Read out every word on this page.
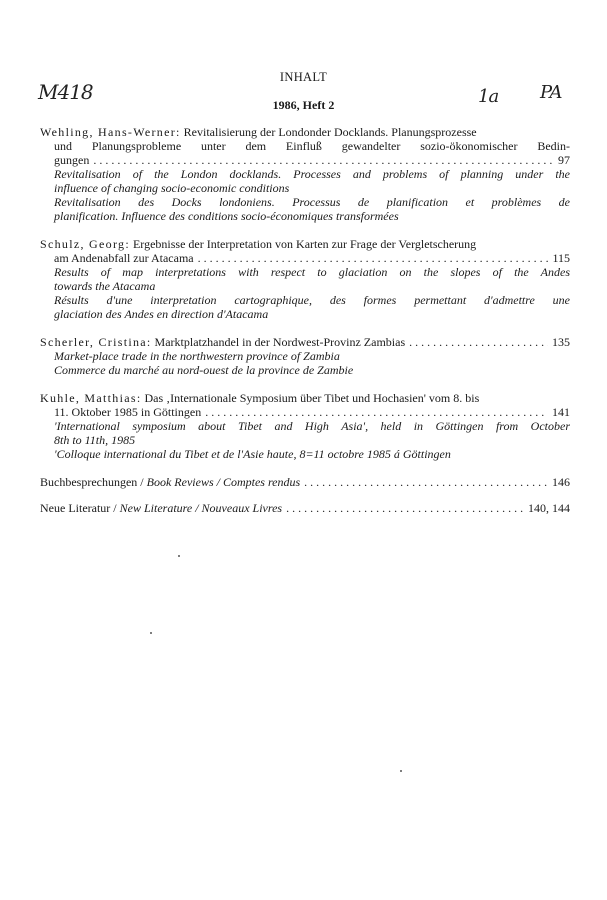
M418	1a PA
INHALT
1986, Heft 2
Wehling, Hans-Werner: Revitalisierung der Londonder Docklands. Planungsprozesse
und Planungsprobleme unter dem Einfluß gewandelter sozio-ökonomischer Bedin-
gungen . . .	97
Revitalisation of the London docklands. Processes and problems of planning under the
influence of changing socio-economic conditions
Revitalisation des Docks londoniens. Processus de planification et problèmes de
planification. Influence des conditions socio-économiques transformées
Schulz, Georg: Ergebnisse der Interpretation von Karten zur Frage der Vergletscherung
am Andenabfall zur Atacama . . .	115
Results of map interpretations with respect to glaciation on the slopes of the Andes
towards the Atacama
Résults d'une interpretation cartographique, des formes permettant d'admettre une
glaciation des Andes en direction d'Atacama
Scherler, Cristina: Marktplatzhandel in der Nordwest-Provinz Zambias . . .	135
Market-place trade in the northwestern province of Zambia
Commerce du marché au nord-ouest de la province de Zambie
Kuhle, Matthias: Das ‚Internationale Symposium über Tibet und Hochasien' vom 8. bis
11. Oktober 1985 in Göttingen . . .	141
'International symposium about Tibet and High Asia', held in Göttingen from October
8th to 11th, 1985
'Colloque international du Tibet et de l'Asie haute, 8=11 octobre 1985 á Göttingen
Buchbesprechungen / Book Reviews / Comptes rendus . . .	146
Neue Literatur / New Literature / Nouveaux Livres . . .	140, 144
